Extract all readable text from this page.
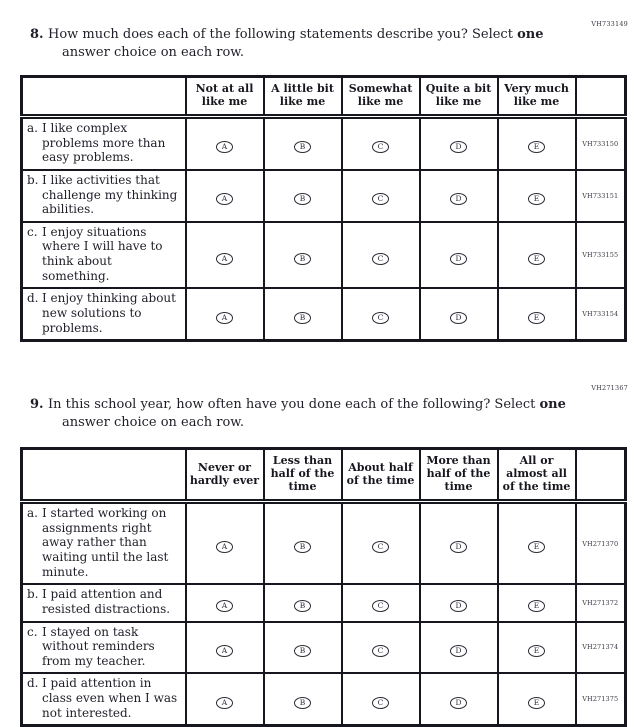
VH733149
8. How much does each of the following statements describe you? Select one answer choice on each row.
	Not at all like me	A little bit like me	Somewhat like me	Quite a bit like me	Very much like me	

a. I like complex problems more than easy problems.	A	B	C	D	E	VH733150

b. I like activities that challenge my thinking abilities.	A	B	C	D	E	VH733151

c. I enjoy situations where I will have to think about something.	A	B	C	D	E	VH733155

d. I enjoy thinking about new solutions to problems.	A	B	C	D	E	VH733154
VH271367
9. In this school year, how often have you done each of the following? Select one answer choice on each row.
	Never or hardly ever	Less than half of the time	About half of the time	More than half of the time	All or almost all of the time	

a. I started working on assignments right away rather than waiting until the last minute.	A	B	C	D	E	VH271370

b. I paid attention and resisted distractions.	A	B	C	D	E	VH271372

c. I stayed on task without reminders from my teacher.	A	B	C	D	E	VH271374

d. I paid attention in class even when I was not interested.	A	B	C	D	E	VH271375
